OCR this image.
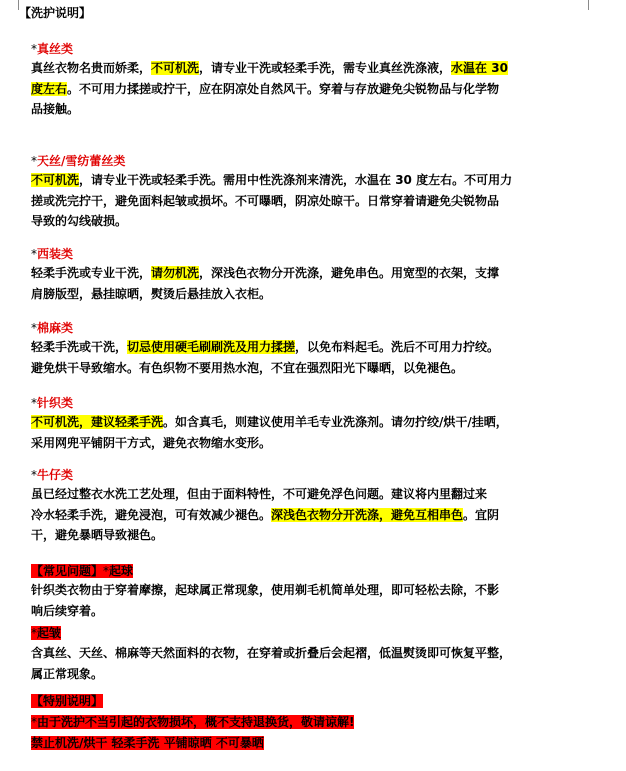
【洗护说明】
*真丝类

真丝衣物名贵而娇柔，不可机洗，请专业干洗或轻柔手洗，需专业真丝洗涤液，水温在 30
度左右。不可用力揉搓或拧干，应在阴凉处自然风干。穿着与存放避免尖锐物品与化学物
品接触。

*天丝/雪纺蕾丝类

不可机洗，请专业干洗或轻柔手洗。需用中性洗涤剂来清洗，水温在 30 度左右。不可用力
搓或洗完拧干，避免面料起皱或损坏。不可曝晒，阴凉处晾干。日常穿着请避免尖锐物品
导致的勾线破损。

*西装类

轻柔手洗或专业干洗，请勿机洗，深浅色衣物分开洗涤，避免串色。用宽型的衣架，支撑
肩膀版型，悬挂晾晒，熨烫后悬挂放入衣柜。

*棉麻类

轻柔手洗或干洗，切忌使用硬毛刷刷洗及用力揉搓，以免布料起毛。洗后不可用力拧绞。
避免烘干导致缩水。有色织物不要用热水泡，不宜在强烈阳光下曝晒，以免褪色。

*针织类

不可机洗，建议轻柔手洗。如含真毛，则建议使用羊毛专业洗涤剂。请勿拧绞/烘干/挂晒，
采用网兜平铺阴干方式，避免衣物缩水变形。

*牛仔类

虽已经过整衣水洗工艺处理，但由于面料特性，不可避免浮色问题。建议将内里翻过来
冷水轻柔手洗，避免浸泡，可有效减少褪色。深浅色衣物分开洗涤，避免互相串色。宜阴
干，避免暴晒导致褪色。

【常见问题】*起球

针织类衣物由于穿着摩擦，起球属正常现象，使用剃毛机简单处理，即可轻松去除，不影
响后续穿着。

*起皱

含真丝、天丝、棉麻等天然面料的衣物，在穿着或折叠后会起褶，低温熨烫即可恢复平整，
属正常现象。

【特别说明】
*由于洗护不当引起的衣物损坏，概不支持退换货，敬请谅解!
禁止机洗/烘干 轻柔手洗 平铺晾晒 不可暴晒
